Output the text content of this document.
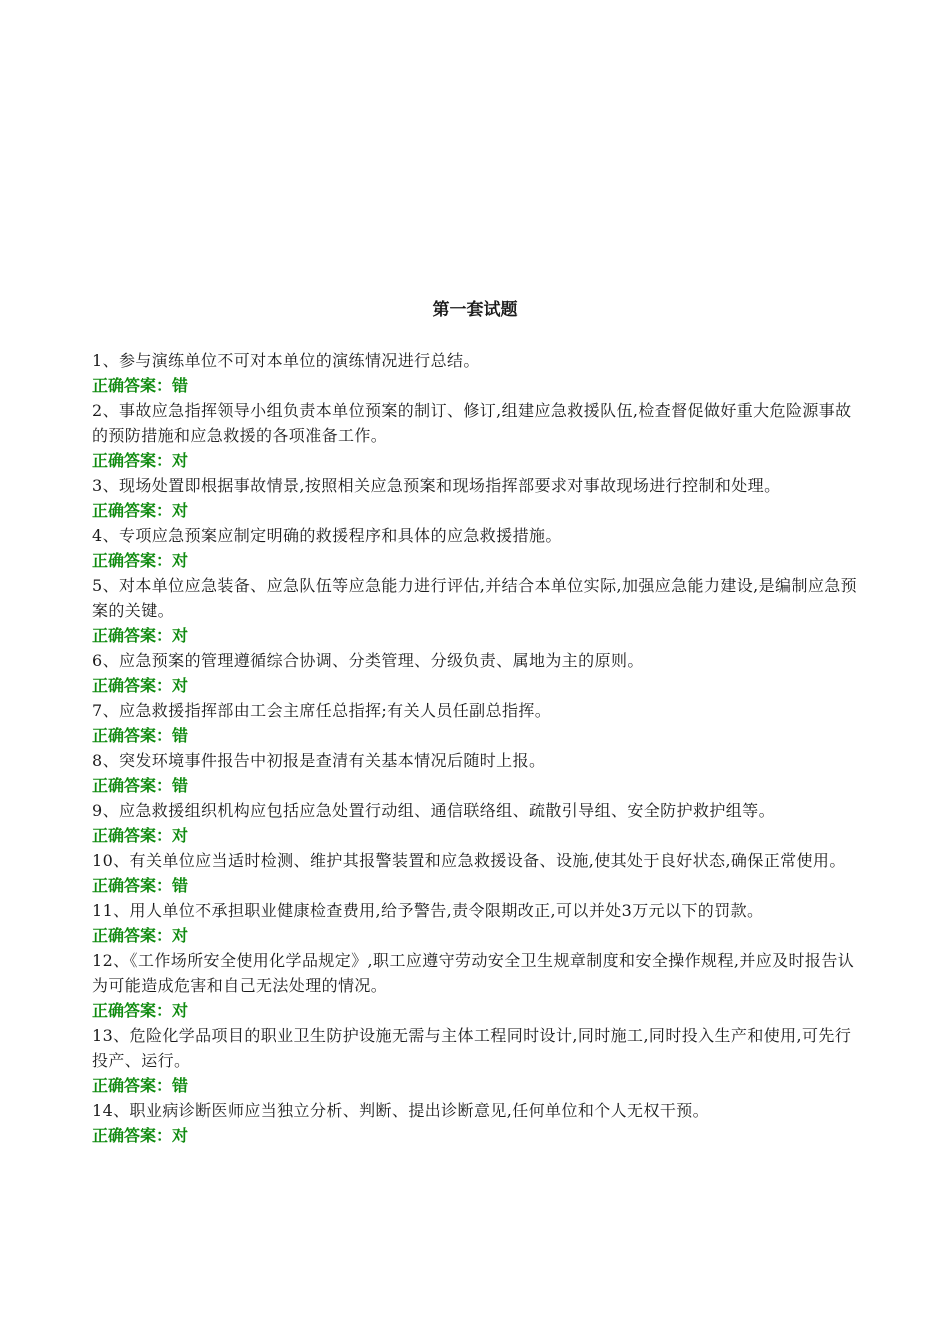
第一套试题

1、参与演练单位不可对本单位的演练情况进行总结。

正确答案：错

2、事故应急指挥领导小组负责本单位预案的制订、修订,组建应急救援队伍,检查督促做好重大危险源事故的预防措施和应急救援的各项准备工作。

正确答案：对

3、现场处置即根据事故情景,按照相关应急预案和现场指挥部要求对事故现场进行控制和处理。

正确答案：对

4、专项应急预案应制定明确的救援程序和具体的应急救援措施。

正确答案：对

5、对本单位应急装备、应急队伍等应急能力进行评估,并结合本单位实际,加强应急能力建设,是编制应急预案的关键。

正确答案：对

6、应急预案的管理遵循综合协调、分类管理、分级负责、属地为主的原则。

正确答案：对

7、应急救援指挥部由工会主席任总指挥;有关人员任副总指挥。

正确答案：错

8、突发环境事件报告中初报是查清有关基本情况后随时上报。

正确答案：错

9、应急救援组织机构应包括应急处置行动组、通信联络组、疏散引导组、安全防护救护组等。

正确答案：对

10、有关单位应当适时检测、维护其报警装置和应急救援设备、设施,使其处于良好状态,确保正常使用。

正确答案：错

11、用人单位不承担职业健康检查费用,给予警告,责令限期改正,可以并处3万元以下的罚款。

正确答案：对

12、《工作场所安全使用化学品规定》,职工应遵守劳动安全卫生规章制度和安全操作规程,并应及时报告认为可能造成危害和自己无法处理的情况。

正确答案：对

13、危险化学品项目的职业卫生防护设施无需与主体工程同时设计,同时施工,同时投入生产和使用,可先行投产、运行。

正确答案：错

14、职业病诊断医师应当独立分析、判断、提出诊断意见,任何单位和个人无权干预。

正确答案：对
